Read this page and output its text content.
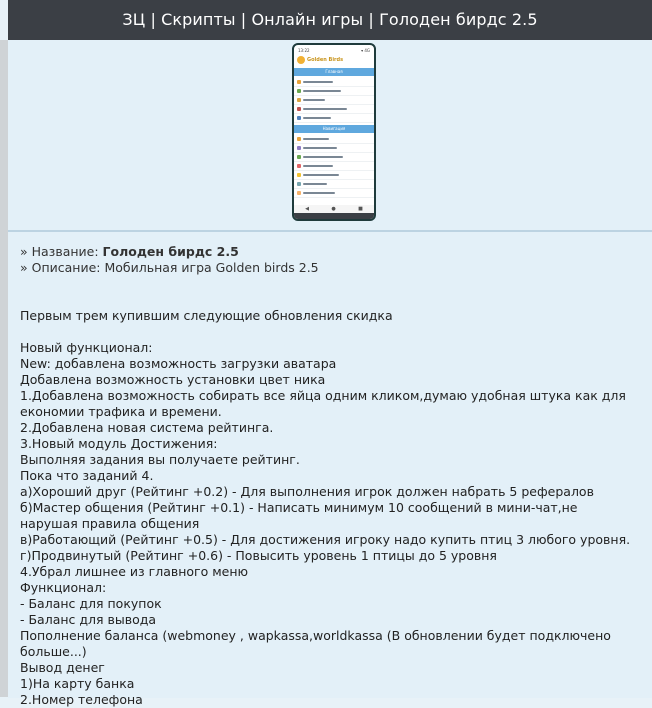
ЗЦ | Скрипты | Онлайн игры | Голоден бирдс 2.5
13:22	▾ 4G
Golden Birds
Главная
Навигация
◀	●	■
» Название: Голоден бирдс 2.5
» Описание: Мобильная игра Golden birds 2.5
Первым трем купившим следующие обновления скидка
Новый функционал:
New: добавлена возможность загрузки аватара
Добавлена возможность установки цвет ника
1.Добавлена возможность собирать все яйца одним кликом,думаю удобная штука как для економии трафика и времени.
2.Добавлена новая система рейтинга.
3.Новый модуль Достижения:
Выполняя задания вы получаете рейтинг.
Пока что заданий 4.
а)Хороший друг (Рейтинг +0.2) - Для выполнения игрок должен набрать 5 рефералов
б)Мастер общения (Рейтинг +0.1) - Написать минимум 10 сообщений в мини-чат,не нарушая правила общения
в)Работающий (Рейтинг +0.5) - Для достижения игроку надо купить птиц 3 любого уровня.
г)Продвинутый (Рейтинг +0.6) - Повысить уровень 1 птицы до 5 уровня
4.Убрал лишнее из главного меню
Функционал:
- Баланс для покупок
- Баланс для вывода
Пополнение баланса (webmoney , wapkassa,worldkassa (В обновлении будет подключено больше...)
Вывод денег
1)На карту банка
2.Номер телефона
